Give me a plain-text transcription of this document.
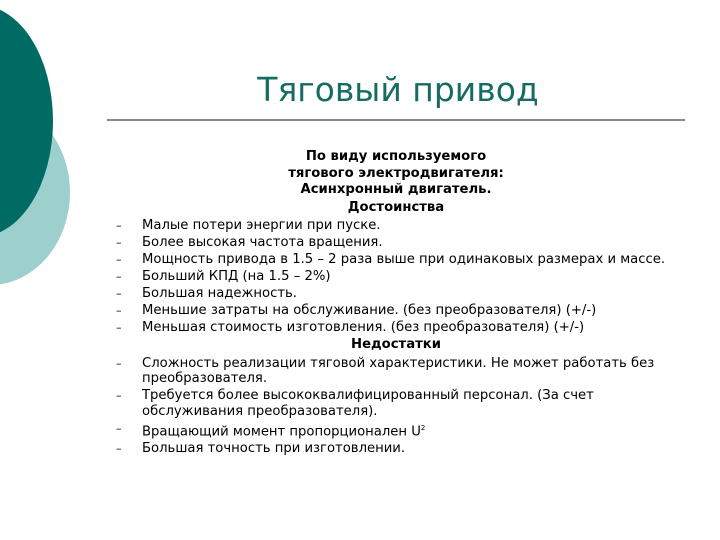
Тяговый привод

По виду используемого

тягового электродвигателя:

Асинхронный двигатель.

Достоинства

– Малые потери энергии при пуске.
– Более высокая частота вращения.
– Мощность привода в 1.5 – 2 раза выше при одинаковых размерах и массе.
– Больший КПД (на 1.5 – 2%)
– Большая надежность.
– Меньшие затраты на обслуживание. (без преобразователя) (+/-)
– Меньшая стоимость изготовления. (без преобразователя) (+/-)

Недостатки

– Сложность реализации тяговой характеристики. Не может работать без преобразователя.
– Требуется более высококвалифицированный персонал. (За счет обслуживания преобразователя).
– Вращающий момент пропорционален $U^2$
– Большая точность при изготовлении.
